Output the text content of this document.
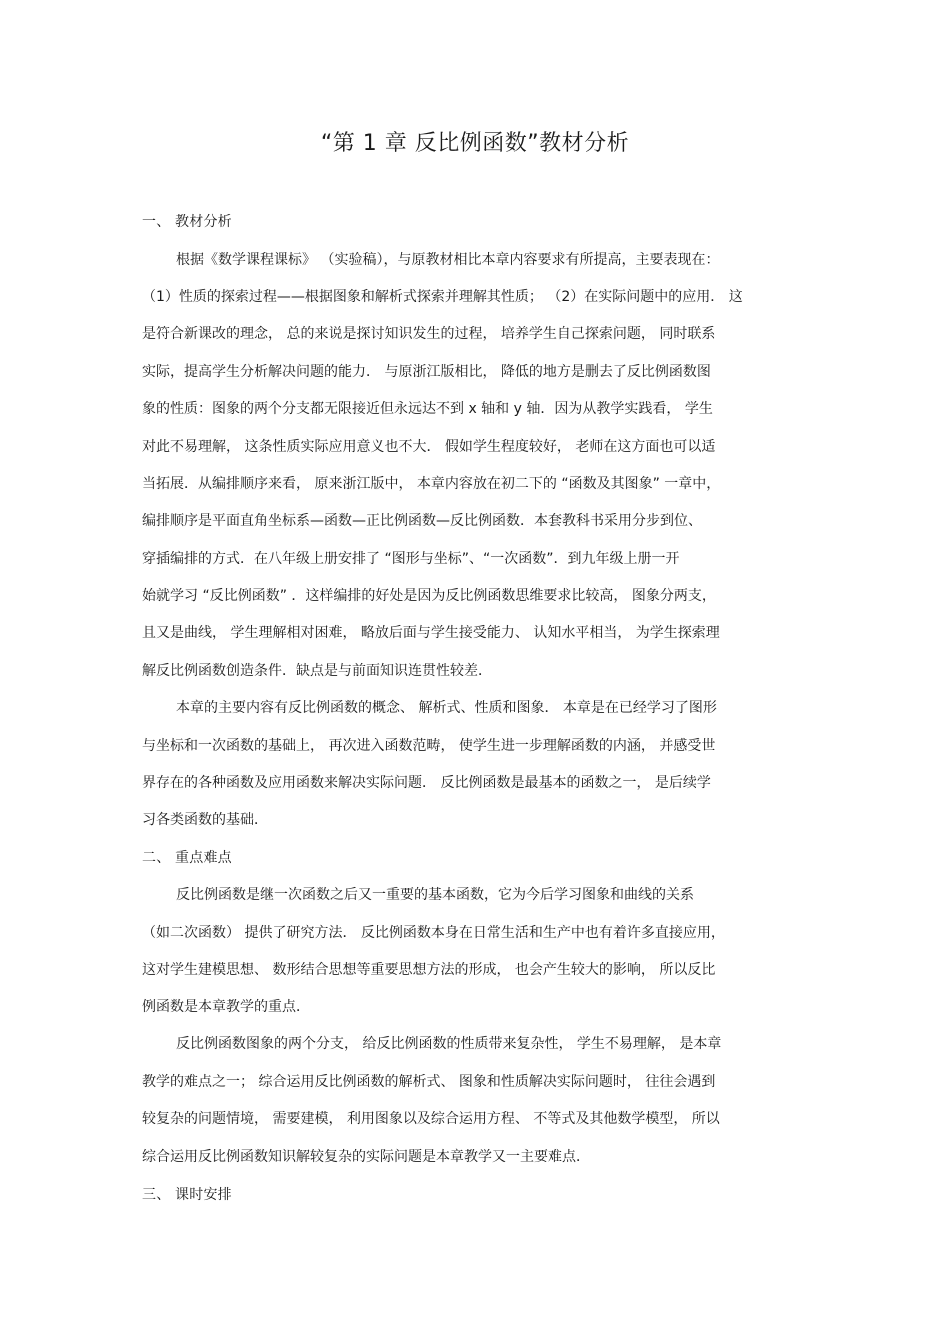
“第 1 章 反比例函数”教材分析
一、 教材分析
根据《数学课程课标》 （实验稿），与原教材相比本章内容要求有所提高，主要表现在：
（1）性质的探索过程——根据图象和解析式探索并理解其性质； （2）在实际问题中的应用． 这
是符合新课改的理念， 总的来说是探讨知识发生的过程， 培养学生自己探索问题， 同时联系
实际，提高学生分析解决问题的能力． 与原浙江版相比， 降低的地方是删去了反比例函数图
象的性质：图象的两个分支都无限接近但永远达不到 x 轴和 y 轴．因为从教学实践看， 学生
对此不易理解， 这条性质实际应用意义也不大． 假如学生程度较好， 老师在这方面也可以适
当拓展．从编排顺序来看， 原来浙江版中， 本章内容放在初二下的 “函数及其图象” 一章中，
编排顺序是平面直角坐标系—函数—正比例函数—反比例函数．本套教科书采用分步到位、
穿插编排的方式．在八年级上册安排了 “图形与坐标”、“一次函数”．到九年级上册一开
始就学习 “反比例函数” ．这样编排的好处是因为反比例函数思维要求比较高， 图象分两支，
且又是曲线， 学生理解相对困难， 略放后面与学生接受能力、 认知水平相当， 为学生探索理
解反比例函数创造条件．缺点是与前面知识连贯性较差．
本章的主要内容有反比例函数的概念、 解析式、性质和图象． 本章是在已经学习了图形
与坐标和一次函数的基础上， 再次进入函数范畴， 使学生进一步理解函数的内涵， 并感受世
界存在的各种函数及应用函数来解决实际问题． 反比例函数是最基本的函数之一， 是后续学
习各类函数的基础．
二、 重点难点
反比例函数是继一次函数之后又一重要的基本函数，它为今后学习图象和曲线的关系
（如二次函数） 提供了研究方法． 反比例函数本身在日常生活和生产中也有着许多直接应用，
这对学生建模思想、 数形结合思想等重要思想方法的形成， 也会产生较大的影响， 所以反比
例函数是本章教学的重点．
反比例函数图象的两个分支， 给反比例函数的性质带来复杂性， 学生不易理解， 是本章
教学的难点之一； 综合运用反比例函数的解析式、 图象和性质解决实际问题时， 往往会遇到
较复杂的问题情境， 需要建模， 利用图象以及综合运用方程、 不等式及其他数学模型， 所以
综合运用反比例函数知识解较复杂的实际问题是本章教学又一主要难点．
三、 课时安排
